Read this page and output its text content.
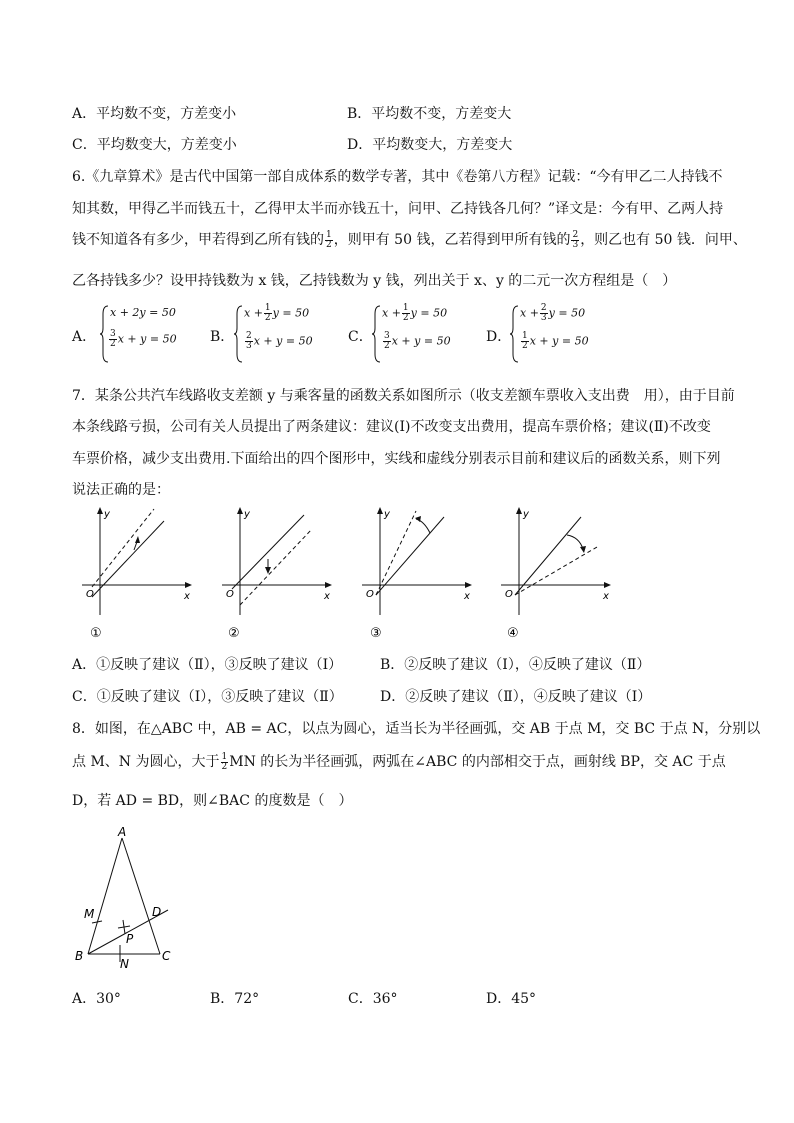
A．平均数不变，方差变小	B．平均数不变，方差变大
C．平均数变大，方差变小	D．平均数变大，方差变大
6.《九章算术》是古代中国第一部自成体系的数学专著，其中《卷第八方程》记载：“今有甲乙二人持钱不
知其数，甲得乙半而钱五十，乙得甲太半而亦钱五十，问甲、乙持钱各几何？”译文是：今有甲、乙两人持
钱不知道各有多少，甲若得到乙所有钱的 $\frac{1}{2}$ ，则甲有 50 钱，乙若得到甲所有钱的 $\frac{2}{3}$ ，则乙也有 50 钱．问甲、
乙各持钱多少？设甲持钱数为 x 钱，乙持钱数为 y 钱，列出关于 x、y 的二元一次方程组是（　）
A．
x + 2y = 50
$\frac{3}{2}$ x + y = 50 B．
$x + \frac{1}{2}$ y = 50
$\frac{2}{3}$ x + y = 50	C．
$x + \frac{1}{2}$ y = 50
$\frac{3}{2}$ x + y = 50	D．
$x + \frac{2}{3}$ y = 50
$\frac{1}{2}$ x + y = 50
7．某条公共汽车线路收支差额 y 与乘客量的函数关系如图所示（收支差额车票收入支出费　用），由于目前
本条线路亏损，公司有关人员提出了两条建议：建议(Ⅰ)不改变支出费用，提高车票价格；建议(Ⅱ)不改变
车票价格，减少支出费用.下面给出的四个图形中，实线和虚线分别表示目前和建议后的函数关系，则下列
说法正确的是：
y
x
O
①
y
x
O
②
y
x
O
③
y
x
O
④
A．①反映了建议（Ⅱ），③反映了建议（Ⅰ）	B．②反映了建议（Ⅰ），④反映了建议（Ⅱ）
C．①反映了建议（Ⅰ），③反映了建议（Ⅱ）	D．②反映了建议（Ⅱ），④反映了建议（Ⅰ）
8．如图，在△ABC 中，AB = AC，以点为圆心，适当长为半径画弧，交 AB 于点 M，交 BC 于点 N，分别以
点 M、N 为圆心，大于 $\frac{1}{2}$ MN 的长为半径画弧，两弧在∠ABC 的内部相交于点，画射线 BP，交 AC 于点
D，若 AD = BD，则∠BAC 的度数是（　）
A
B	C
D
M
N
P
A．30°	B．72°	C．36°	D．45°
